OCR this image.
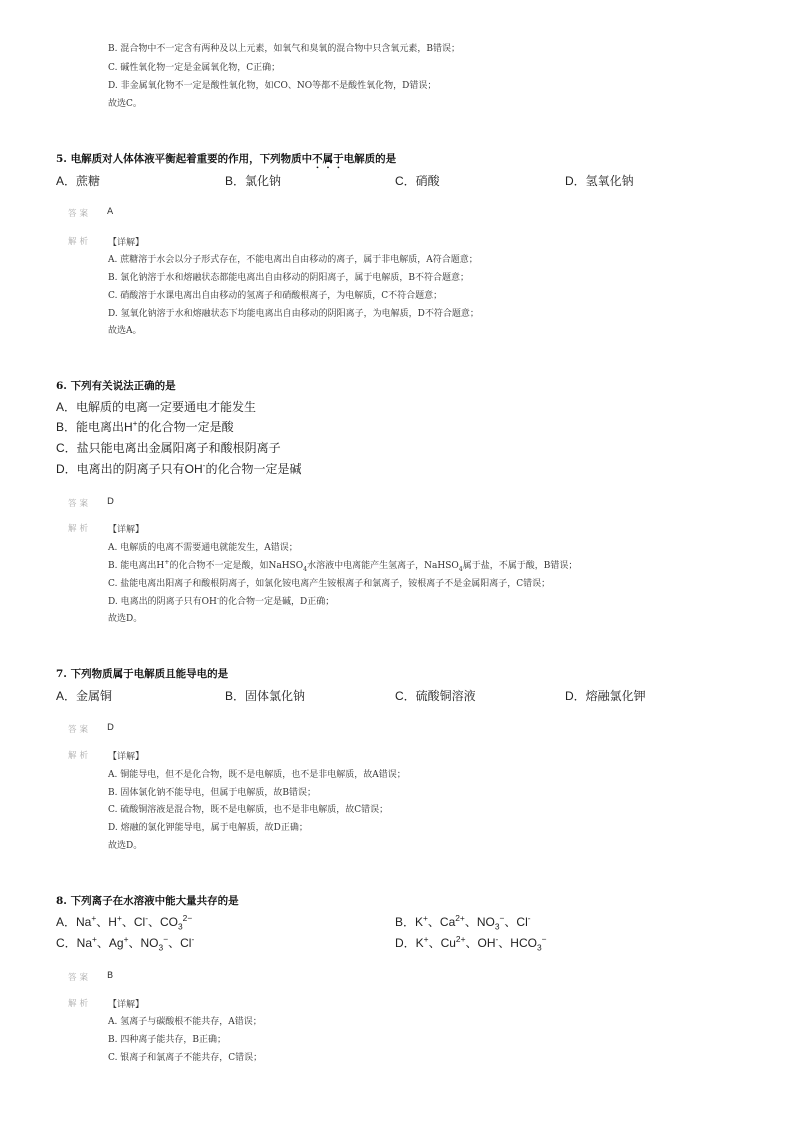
B. 混合物中不一定含有两种及以上元素，如氧气和臭氧的混合物中只含氧元素，B错误；
C. 碱性氧化物一定是金属氧化物，C正确；
D. 非金属氧化物不一定是酸性氧化物，如CO、NO等都不是酸性氧化物，D错误；
故选C。
5. 电解质对人体体液平衡起着重要的作用，下列物质中不属于电解质的是
A．蔗糖	B．氯化钠	C．硝酸	D．氢氧化钠
答案 A
解析 【详解】
A. 蔗糖溶于水会以分子形式存在，不能电离出自由移动的离子，属于非电解质，A符合题意；
B. 氯化钠溶于水和熔融状态都能电离出自由移动的阴阳离子，属于电解质，B不符合题意；
C. 硝酸溶于水课电离出自由移动的氢离子和硝酸根离子，为电解质，C不符合题意；
D. 氢氧化钠溶于水和熔融状态下均能电离出自由移动的阴阳离子，为电解质，D不符合题意；
故选A。
6. 下列有关说法正确的是
A．电解质的电离一定要通电才能发生
B．能电离出H+的化合物一定是酸
C．盐只能电离出金属阳离子和酸根阴离子
D．电离出的阴离子只有OH-的化合物一定是碱
答案 D
解析 【详解】
A. 电解质的电离不需要通电就能发生，A错误；
B. 能电离出H+的化合物不一定是酸，如NaHSO$_4$水溶液中电离能产生氢离子，NaHSO$_4$属于盐，不属于酸，B错误；
C. 盐能电离出阳离子和酸根阴离子，如氯化铵电离产生铵根离子和氯离子，铵根离子不是金属阳离子，C错误；
D. 电离出的阴离子只有OH-的化合物一定是碱，D正确；
故选D。
7. 下列物质属于电解质且能导电的是
A．金属铜	B．固体氯化钠	C．硫酸铜溶液	D．熔融氯化钾
答案 D
解析 【详解】
A. 铜能导电，但不是化合物，既不是电解质，也不是非电解质，故A错误；
B. 固体氯化钠不能导电，但属于电解质，故B错误；
C. 硫酸铜溶液是混合物，既不是电解质，也不是非电解质，故C错误；
D. 熔融的氯化钾能导电，属于电解质，故D正确；
故选D。
8. 下列离子在水溶液中能大量共存的是
A．Na+、H+、Cl-、$CO_3^{2-}$	B．K+、$Ca^{2+}$、$NO_3^-$、Cl-
C．Na+、Ag+、$NO_3^-$、Cl-	D．K+、$Cu^{2+}$、OH-、$HCO_3^-$
答案 B
解析 【详解】
A. 氢离子与碳酸根不能共存，A错误；
B. 四种离子能共存，B正确；
C. 银离子和氯离子不能共存，C错误；
